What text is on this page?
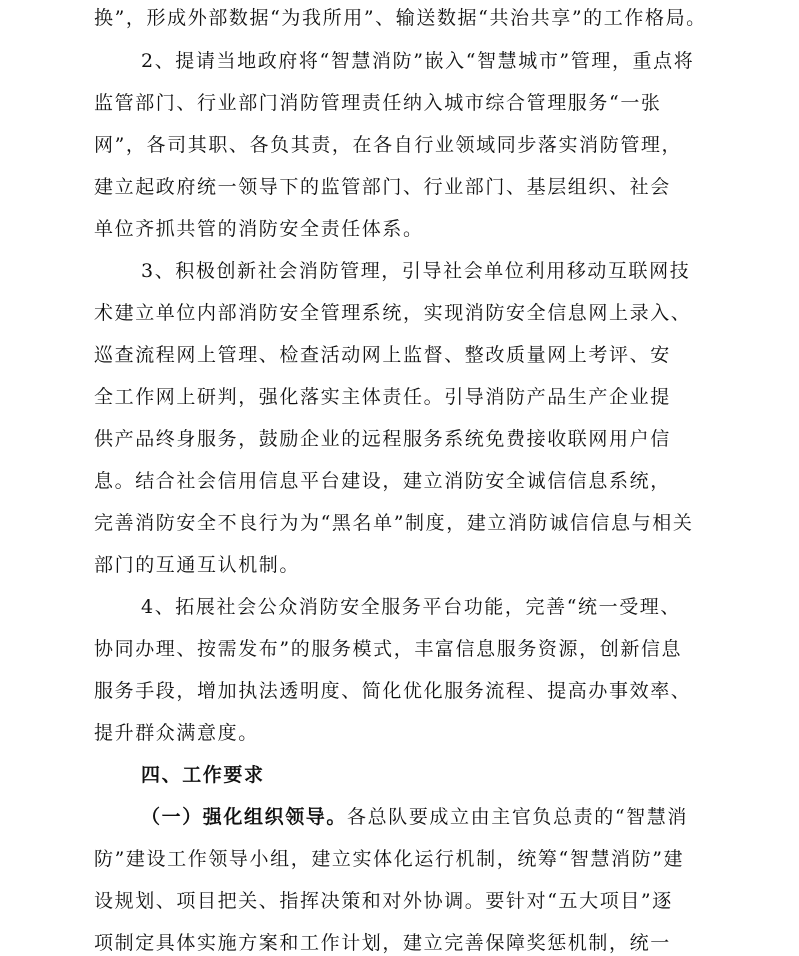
换”，形成外部数据“为我所用”、输送数据“共治共享”的工作格局。
2、提请当地政府将“智慧消防”嵌入“智慧城市”管理，重点将
监管部门、行业部门消防管理责任纳入城市综合管理服务“一张
网”，各司其职、各负其责，在各自行业领域同步落实消防管理，
建立起政府统一领导下的监管部门、行业部门、基层组织、社会
单位齐抓共管的消防安全责任体系。
3、积极创新社会消防管理，引导社会单位利用移动互联网技
术建立单位内部消防安全管理系统，实现消防安全信息网上录入、
巡查流程网上管理、检查活动网上监督、整改质量网上考评、安
全工作网上研判，强化落实主体责任。引导消防产品生产企业提
供产品终身服务，鼓励企业的远程服务系统免费接收联网用户信
息。结合社会信用信息平台建设，建立消防安全诚信信息系统，
完善消防安全不良行为为“黑名单”制度，建立消防诚信信息与相关
部门的互通互认机制。
4、拓展社会公众消防安全服务平台功能，完善“统一受理、
协同办理、按需发布”的服务模式，丰富信息服务资源，创新信息
服务手段，增加执法透明度、简化优化服务流程、提高办事效率、
提升群众满意度。
四、工作要求
（一）强化组织领导。各总队要成立由主官负总责的“智慧消
防”建设工作领导小组，建立实体化运行机制，统筹“智慧消防”建
设规划、项目把关、指挥决策和对外协调。要针对“五大项目”逐
项制定具体实施方案和工作计划，建立完善保障奖惩机制，统一
